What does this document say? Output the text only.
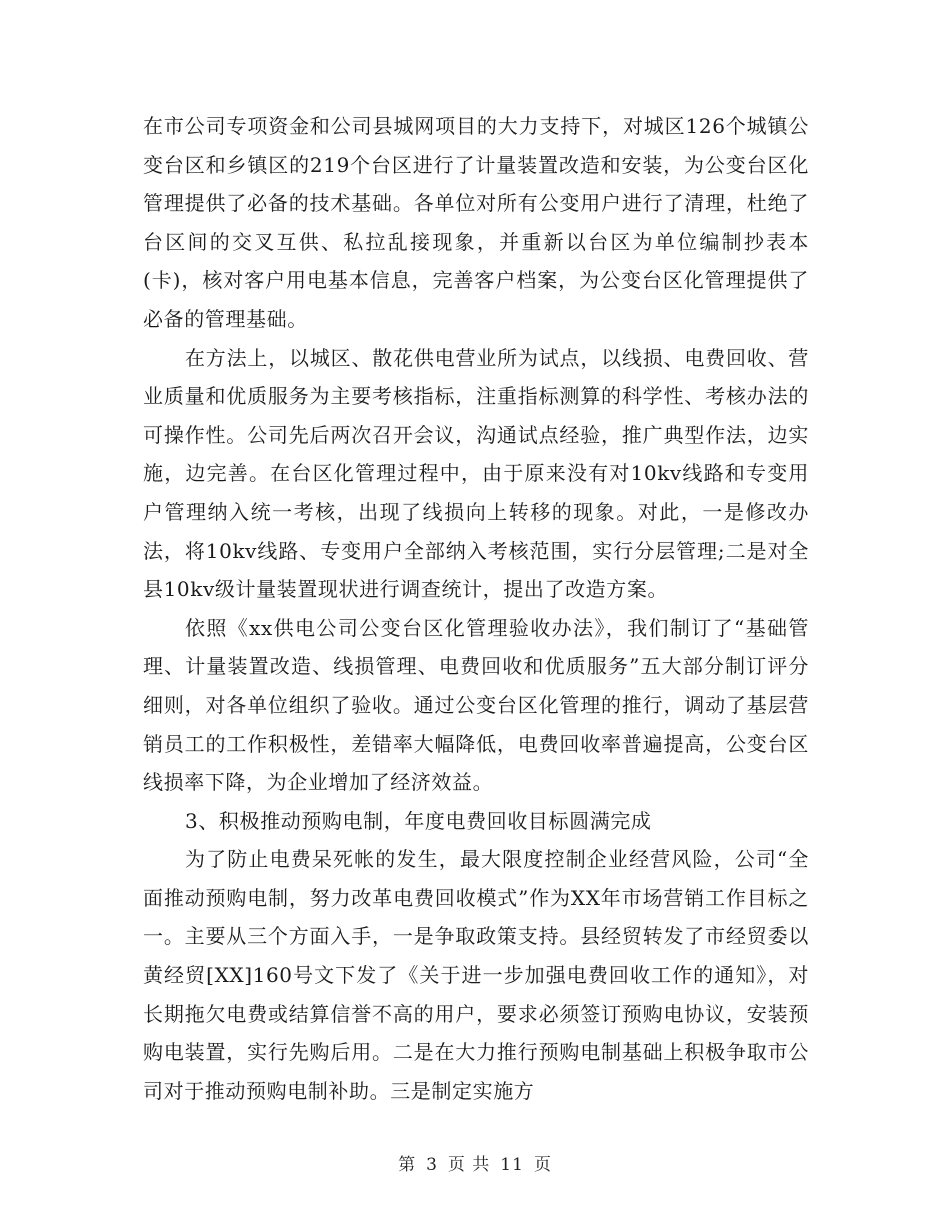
在市公司专项资金和公司县城网项目的大力支持下，对城区126个城镇公变台区和乡镇区的219个台区进行了计量装置改造和安装，为公变台区化管理提供了必备的技术基础。各单位对所有公变用户进行了清理，杜绝了台区间的交叉互供、私拉乱接现象，并重新以台区为单位编制抄表本(卡)，核对客户用电基本信息，完善客户档案，为公变台区化管理提供了必备的管理基础。

在方法上，以城区、散花供电营业所为试点，以线损、电费回收、营业质量和优质服务为主要考核指标，注重指标测算的科学性、考核办法的可操作性。公司先后两次召开会议，沟通试点经验，推广典型作法，边实施，边完善。在台区化管理过程中，由于原来没有对10kv线路和专变用户管理纳入统一考核，出现了线损向上转移的现象。对此，一是修改办法，将10kv线路、专变用户全部纳入考核范围，实行分层管理;二是对全县10kv级计量装置现状进行调查统计，提出了改造方案。

依照《xx供电公司公变台区化管理验收办法》，我们制订了“基础管理、计量装置改造、线损管理、电费回收和优质服务”五大部分制订评分细则，对各单位组织了验收。通过公变台区化管理的推行，调动了基层营销员工的工作积极性，差错率大幅降低，电费回收率普遍提高，公变台区线损率下降，为企业增加了经济效益。

3、积极推动预购电制，年度电费回收目标圆满完成

为了防止电费呆死帐的发生，最大限度控制企业经营风险，公司“全面推动预购电制，努力改革电费回收模式”作为XX年市场营销工作目标之一。主要从三个方面入手，一是争取政策支持。县经贸转发了市经贸委以黄经贸[XX]160号文下发了《关于进一步加强电费回收工作的通知》，对长期拖欠电费或结算信誉不高的用户，要求必须签订预购电协议，安装预购电装置，实行先购后用。二是在大力推行预购电制基础上积极争取市公司对于推动预购电制补助。三是制定实施方

第 3 页 共 11 页
